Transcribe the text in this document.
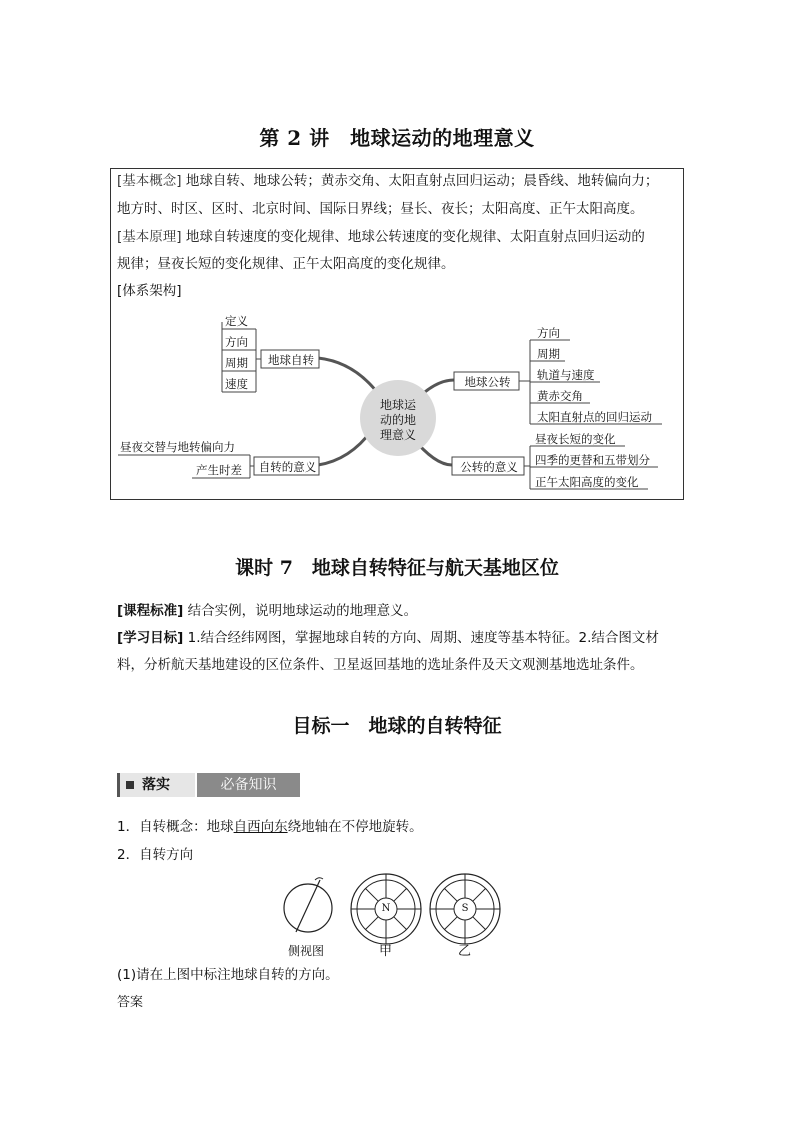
第 2 讲　地球运动的地理意义
[基本概念] 地球自转、地球公转；黄赤交角、太阳直射点回归运动；晨昏线、地转偏向力；
地方时、时区、区时、北京时间、国际日界线；昼长、夜长；太阳高度、正午太阳高度。
[基本原理] 地球自转速度的变化规律、地球公转速度的变化规律、太阳直射点回归运动的
规律；昼夜长短的变化规律、正午太阳高度的变化规律。
[体系架构]
地球运
动的地
理意义
地球自转
自转的意义
地球公转
公转的意义
定义
方向
周期
速度
昼夜交替与地转偏向力
产生时差
方向
周期
轨道与速度
黄赤交角
太阳直射点的回归运动
昼夜长短的变化
四季的更替和五带划分
正午太阳高度的变化
课时 7　地球自转特征与航天基地区位
[课程标准] 结合实例，说明地球运动的地理意义。
[学习目标] 1.结合经纬网图，掌握地球自转的方向、周期、速度等基本特征。2.结合图文材
料，分析航天基地建设的区位条件、卫星返回基地的选址条件及天文观测基地选址条件。
目标一　地球的自转特征
落实	必备知识
1．自转概念：地球自西向东绕地轴在不停地旋转。
2．自转方向
N	S
侧视图	甲	乙
(1)请在上图中标注地球自转的方向。
答案
